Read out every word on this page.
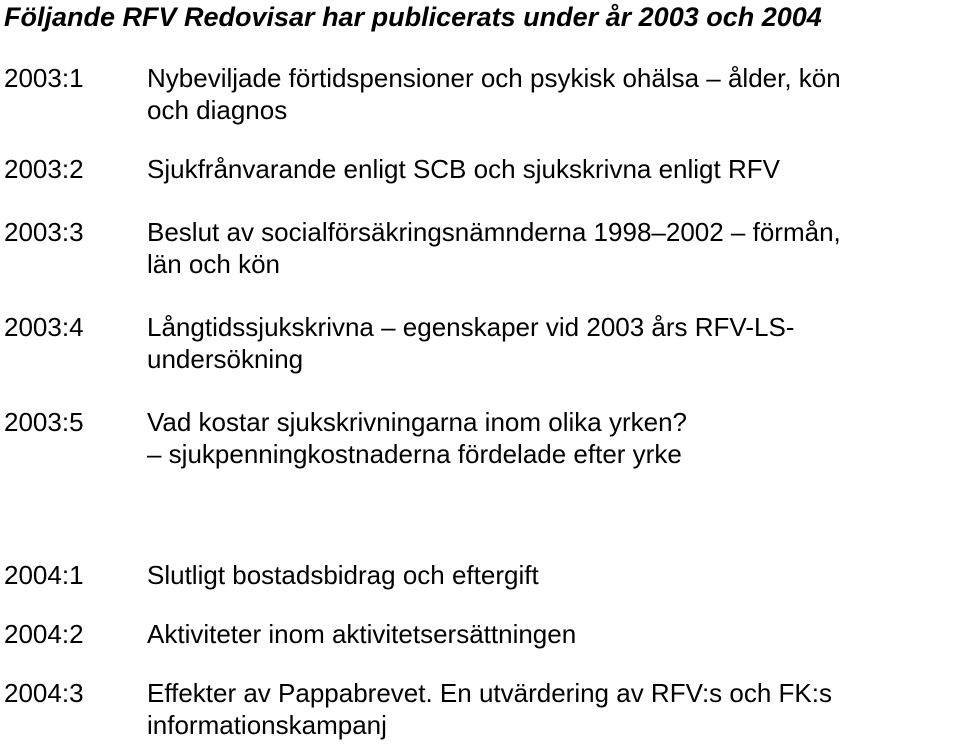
Följande RFV Redovisar har publicerats under år 2003 och 2004
2003:1 Nybeviljade förtidspensioner och psykisk ohälsa – ålder, kön
och diagnos
2003:2 Sjukfrånvarande enligt SCB och sjukskrivna enligt RFV
2003:3 Beslut av socialförsäkringsnämnderna 1998–2002 – förmån,
län och kön
2003:4 Långtidssjukskrivna – egenskaper vid 2003 års RFV-LS-
undersökning
2003:5 Vad kostar sjukskrivningarna inom olika yrken?
– sjukpenningkostnaderna fördelade efter yrke
2004:1 Slutligt bostadsbidrag och eftergift
2004:2 Aktiviteter inom aktivitetsersättningen
2004:3 Effekter av Pappabrevet. En utvärdering av RFV:s och FK:s
informationskampanj
